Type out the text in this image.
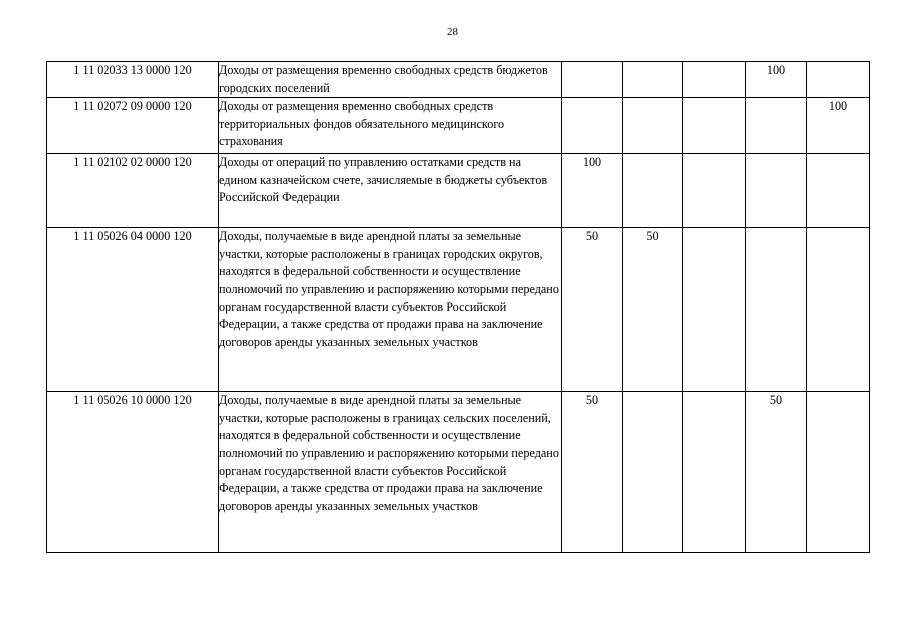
28
1 11 02033 13 0000 120	Доходы от размещения временно свободных средств бюджетов городских поселений				100	
1 11 02072 09 0000 120	Доходы от размещения временно свободных средств территориальных фондов обязательного медицинского страхования					100
1 11 02102 02 0000 120	Доходы от операций по управлению остатками средств на едином казначейском счете, зачисляемые в бюджеты субъектов Российской Федерации	100				
1 11 05026 04 0000 120	Доходы, получаемые в виде арендной платы за земельные участки, которые расположены в границах городских округов, находятся в федеральной собственности и осуществление полномочий по управлению и распоряжению которыми передано органам государственной власти субъектов Российской Федерации, а также средства от продажи права на заключение договоров аренды указанных земельных участков	50	50			
1 11 05026 10 0000 120	Доходы, получаемые в виде арендной платы за земельные участки, которые расположены в границах сельских поселений, находятся в федеральной собственности и осуществление полномочий по управлению и распоряжению которыми передано органам государственной власти субъектов Российской Федерации, а также средства от продажи права на заключение договоров аренды указанных земельных участков	50			50	
